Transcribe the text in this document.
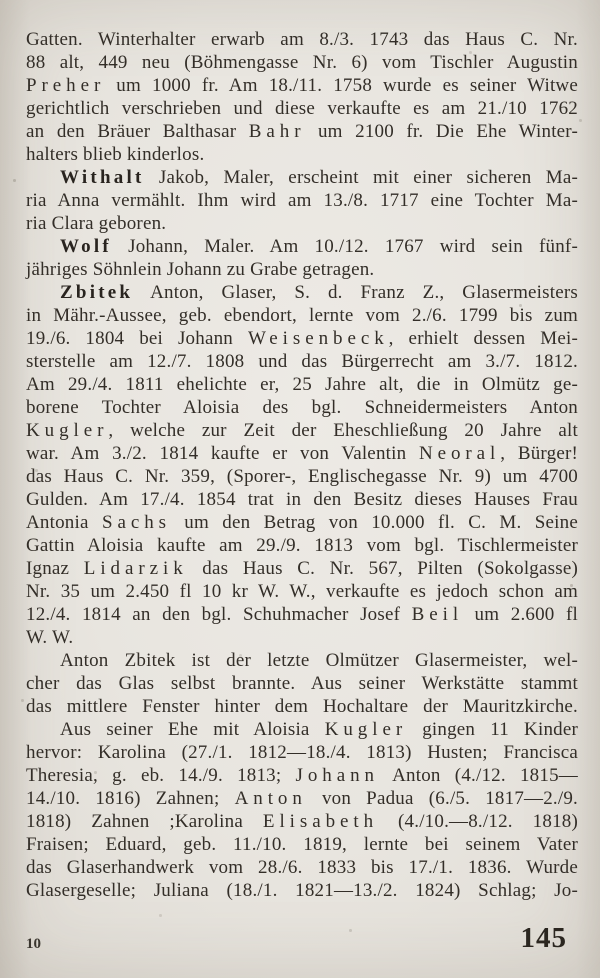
Gatten. Winterhalter erwarb am 8./3. 1743 das Haus C. Nr.
88 alt, 449 neu (Böhmengasse Nr. 6) vom Tischler Augustin
Preher um 1000 fr. Am 18./11. 1758 wurde es seiner Witwe
gerichtlich verschrieben und diese verkaufte es am 21./10 1762
an den Bräuer Balthasar Bahr um 2100 fr. Die Ehe Winter-
halters blieb kinderlos.
Withalt Jakob, Maler, erscheint mit einer sicheren Ma-
ria Anna vermählt. Ihm wird am 13./8. 1717 eine Tochter Ma-
ria Clara geboren.
Wolf Johann, Maler. Am 10./12. 1767 wird sein fünf-
jähriges Söhnlein Johann zu Grabe getragen.
Zbitek Anton, Glaser, S. d. Franz Z., Glasermeisters
in Mähr.-Aussee, geb. ebendort, lernte vom 2./6. 1799 bis zum
19./6. 1804 bei Johann Weisenbeck, erhielt dessen Mei-
sterstelle am 12./7. 1808 und das Bürgerrecht am 3./7. 1812.
Am 29./4. 1811 ehelichte er, 25 Jahre alt, die in Olmütz ge-
borene Tochter Aloisia des bgl. Schneidermeisters Anton
Kugler, welche zur Zeit der Eheschließung 20 Jahre alt
war. Am 3./2. 1814 kaufte er von Valentin Neoral, Bürger!
das Haus C. Nr. 359, (Sporer-, Englischegasse Nr. 9) um 4700
Gulden. Am 17./4. 1854 trat in den Besitz dieses Hauses Frau
Antonia Sachs um den Betrag von 10.000 fl. C. M. Seine
Gattin Aloisia kaufte am 29./9. 1813 vom bgl. Tischlermeister
Ignaz Lidarzik das Haus C. Nr. 567, Pilten (Sokolgasse)
Nr. 35 um 2.450 fl 10 kr W. W., verkaufte es jedoch schon am
12./4. 1814 an den bgl. Schuhmacher Josef Beil um 2.600 fl
W. W.
Anton Zbitek ist der letzte Olmützer Glasermeister, wel-
cher das Glas selbst brannte. Aus seiner Werkstätte stammt
das mittlere Fenster hinter dem Hochaltare der Mauritzkirche.
Aus seiner Ehe mit Aloisia Kugler gingen 11 Kinder
hervor: Karolina (27./1. 1812—18./4. 1813) Husten; Francisca
Theresia, g. eb. 14./9. 1813; Johann Anton (4./12. 1815—
14./10. 1816) Zahnen; Anton von Padua (6./5. 1817—2./9.
1818) Zahnen ;Karolina Elisabeth (4./10.—8./12. 1818)
Fraisen; Eduard, geb. 11./10. 1819, lernte bei seinem Vater
das Glaserhandwerk vom 28./6. 1833 bis 17./1. 1836. Wurde
Glasergeselle; Juliana (18./1. 1821—13./2. 1824) Schlag; Jo-
10	145
